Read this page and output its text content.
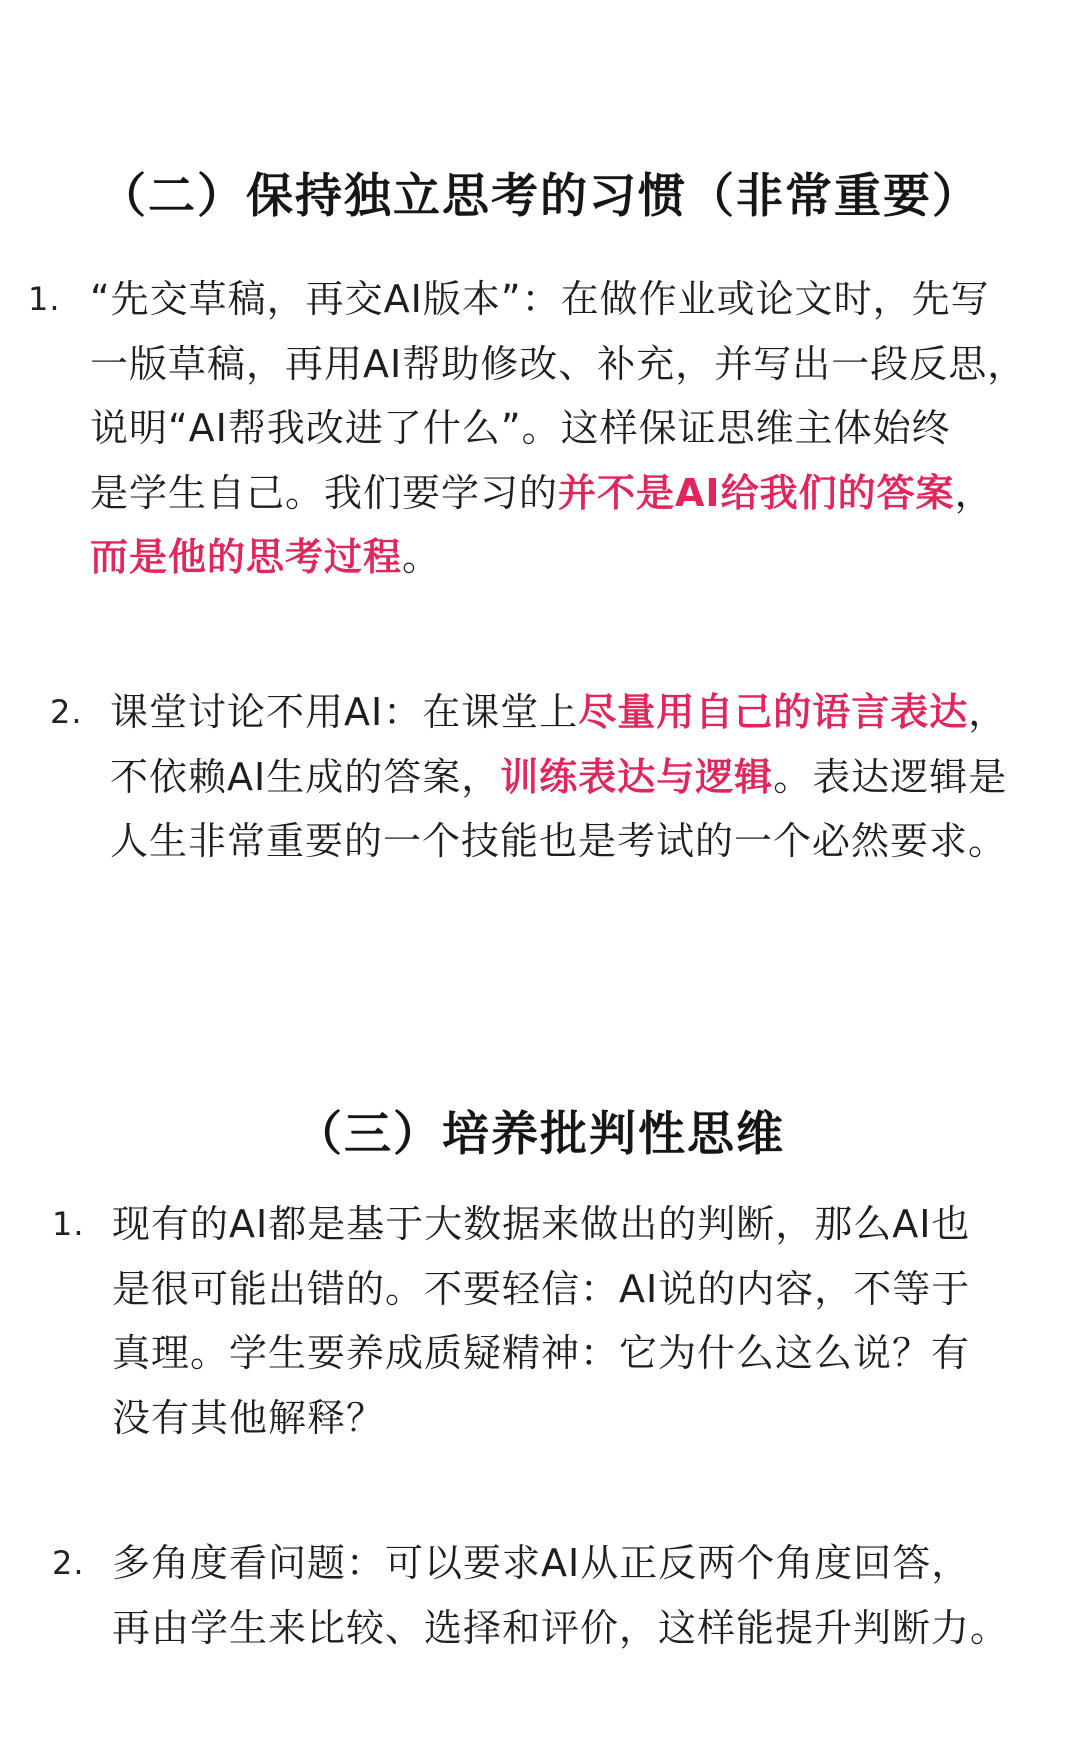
（二）保持独立思考的习惯（非常重要）
1. “先交草稿，再交AI版本”：在做作业或论文时，先写
一版草稿，再用AI帮助修改、补充，并写出一段反思，
说明“AI帮我改进了什么”。这样保证思维主体始终
是学生自己。我们要学习的并不是AI给我们的答案，
而是他的思考过程。
2. 课堂讨论不用AI：在课堂上尽量用自己的语言表达，
不依赖AI生成的答案，训练表达与逻辑。表达逻辑是
人生非常重要的一个技能也是考试的一个必然要求。
（三）培养批判性思维
1. 现有的AI都是基于大数据来做出的判断，那么AI也
是很可能出错的。不要轻信：AI说的内容，不等于
真理。学生要养成质疑精神：它为什么这么说？有
没有其他解释？
2. 多角度看问题：可以要求AI从正反两个角度回答，
再由学生来比较、选择和评价，这样能提升判断力。
